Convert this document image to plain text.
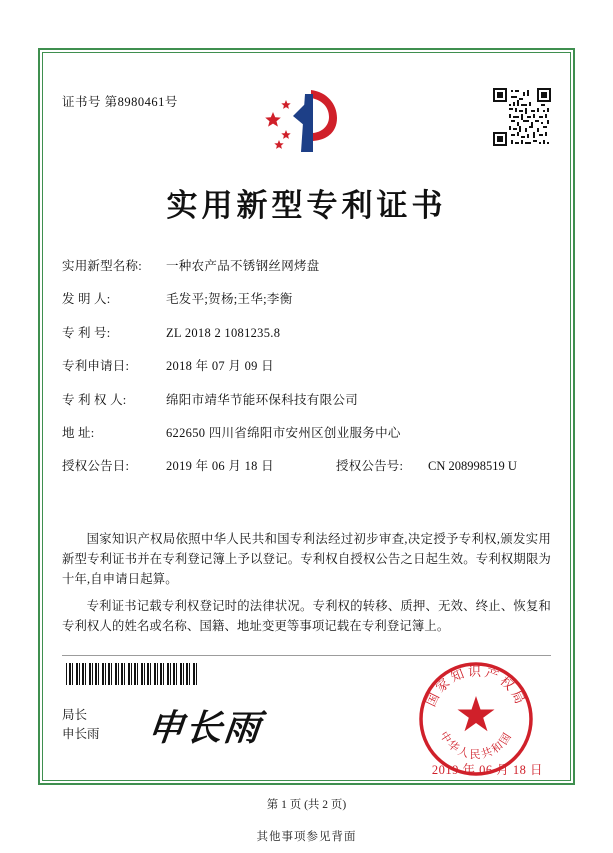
证书号 第8980461号
实用新型专利证书
实用新型名称:	一种农产品不锈钢丝网烤盘
发 明 人:	毛发平;贺杨;王华;李衡
专 利 号:	ZL 2018 2 1081235.8
专利申请日:	2018 年 07 月 09 日
专 利 权 人:	绵阳市靖华节能环保科技有限公司
地 址:	622650 四川省绵阳市安州区创业服务中心
授权公告日:	2019 年 06 月 18 日	授权公告号:	CN 208998519 U
国家知识产权局依照中华人民共和国专利法经过初步审查,决定授予专利权,颁发实用新型专利证书并在专利登记簿上予以登记。专利权自授权公告之日起生效。专利权期限为十年,自申请日起算。
专利证书记载专利权登记时的法律状况。专利权的转移、质押、无效、终止、恢复和专利权人的姓名或名称、国籍、地址变更等事项记载在专利登记簿上。
局长
申长雨 申长雨
国家知识产权局
中华人民共和国
2019 年 06 月 18 日
第 1 页 (共 2 页)
其他事项参见背面
